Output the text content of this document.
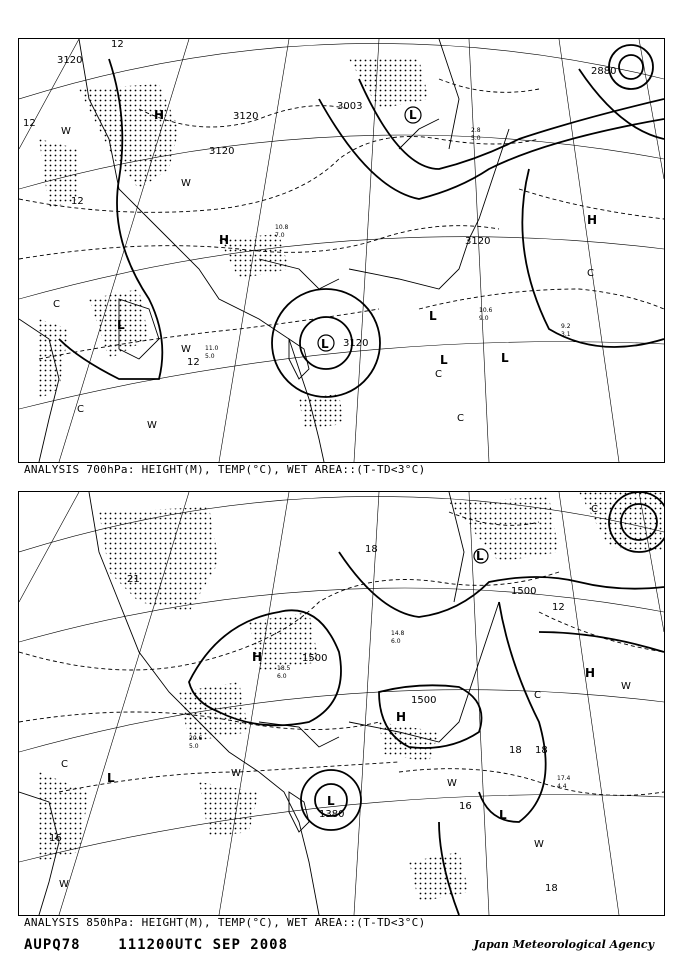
L
L
L	L
L
L
H
H
H
W
W
W
W
C
C
C
C
C
3120
3120
3120
3120
3003
3120
2880
12
12
12
12
10.6
9.0
9.2
3.1
11.0
5.0
10.8
7.0
2.8
5.0
ANALYSIS 700hPa: HEIGHT(M), TEMP(°C), WET AREA::(T-TD<3°C)
L
L
L
L
H
H
H
W
W
W
W
W
C
C
C
1500
1500
1500
1380
21
18 18
18
12
16
16
18
17.4
4.4
18.5
6.0
14.8
6.0
20.6
5.0
ANALYSIS 850hPa: HEIGHT(M), TEMP(°C), WET AREA::(T-TD<3°C)
AUPQ78	111200UTC SEP 2008	Japan Meteorological Agency
